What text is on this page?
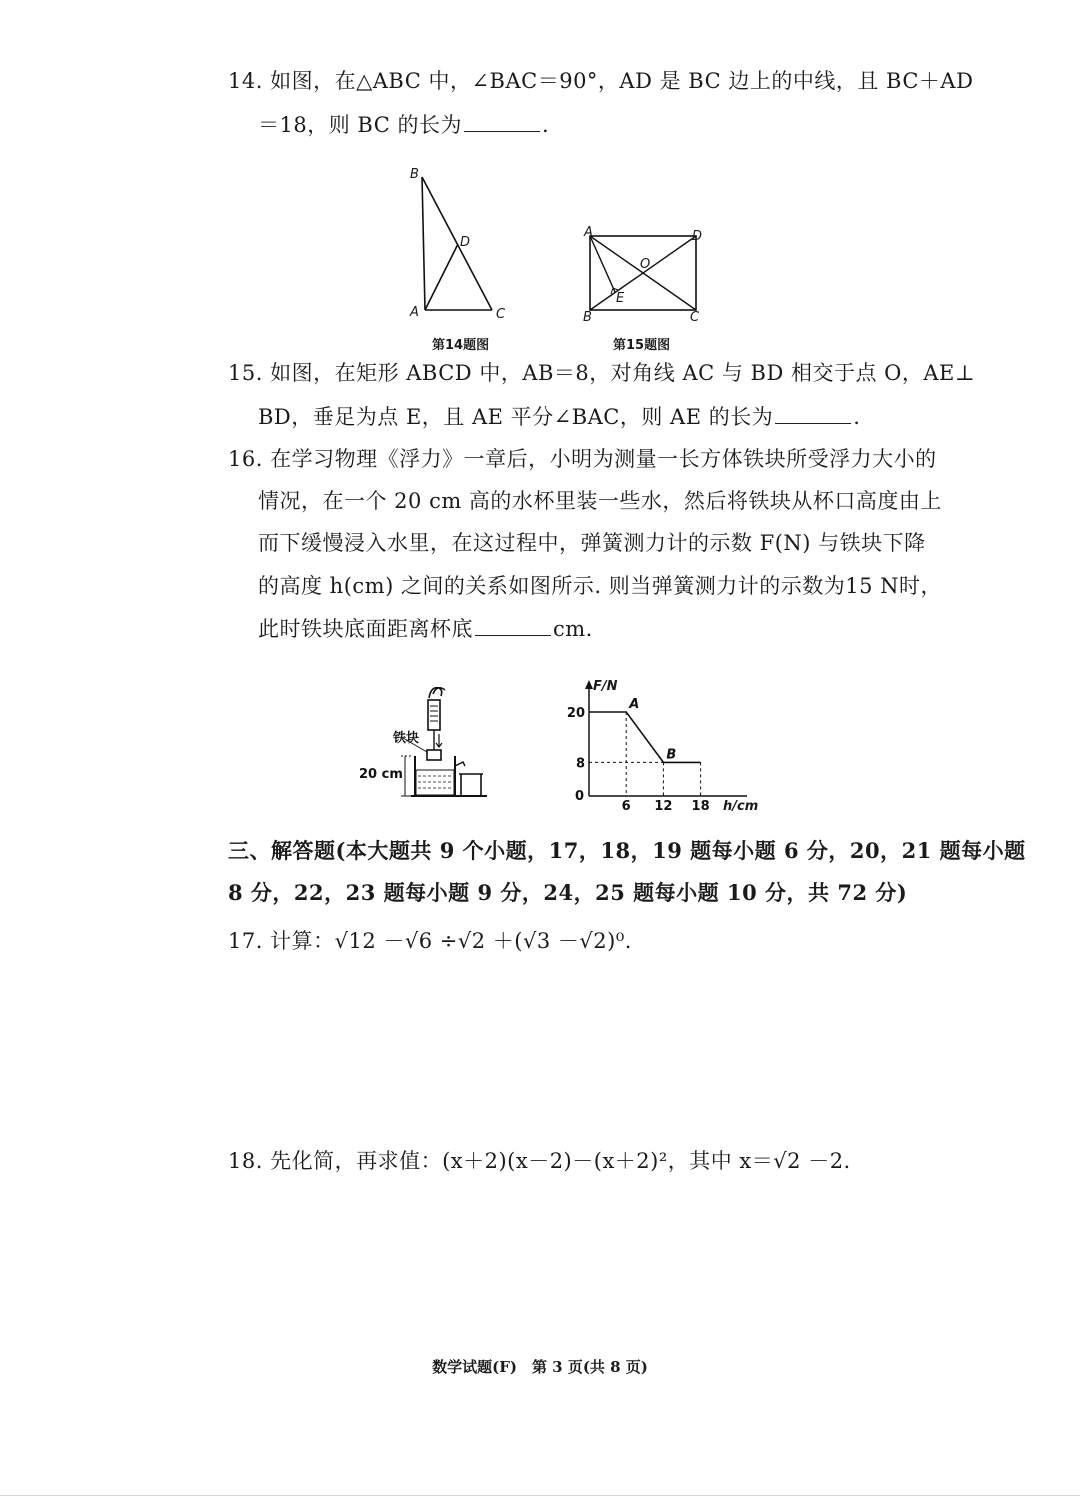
14. 如图，在△ABC 中，∠BAC＝90°，AD 是 BC 边上的中线，且 BC＋AD
＝18，则 BC 的长为	.
B
D
A	C
第14题图
A	D
O
E
B	C
第15题图
15. 如图，在矩形 ABCD 中，AB＝8，对角线 AC 与 BD 相交于点 O，AE⊥
BD，垂足为点 E，且 AE 平分∠BAC，则 AE 的长为	.
16. 在学习物理《浮力》一章后，小明为测量一长方体铁块所受浮力大小的
情况，在一个 20 cm 高的水杯里装一些水，然后将铁块从杯口高度由上
而下缓慢浸入水里，在这过程中，弹簧测力计的示数 F(N) 与铁块下降
的高度 h(cm) 之间的关系如图所示. 则当弹簧测力计的示数为15 N时，
此时铁块底面距离杯底	cm.
铁块
20 cm
F/N
h/cm
0
A
B
6 12 18
20
8
三、解答题(本大题共 9 个小题，17，18，19 题每小题 6 分，20，21 题每小题
8 分，22，23 题每小题 9 分，24，25 题每小题 10 分，共 72 分)
17. 计算：√12 －√6 ÷√2 ＋(√3 －√2)⁰.
18. 先化简，再求值：(x＋2)(x－2)－(x＋2)²，其中 x＝√2 －2.
数学试题(F)　第 3 页(共 8 页)
